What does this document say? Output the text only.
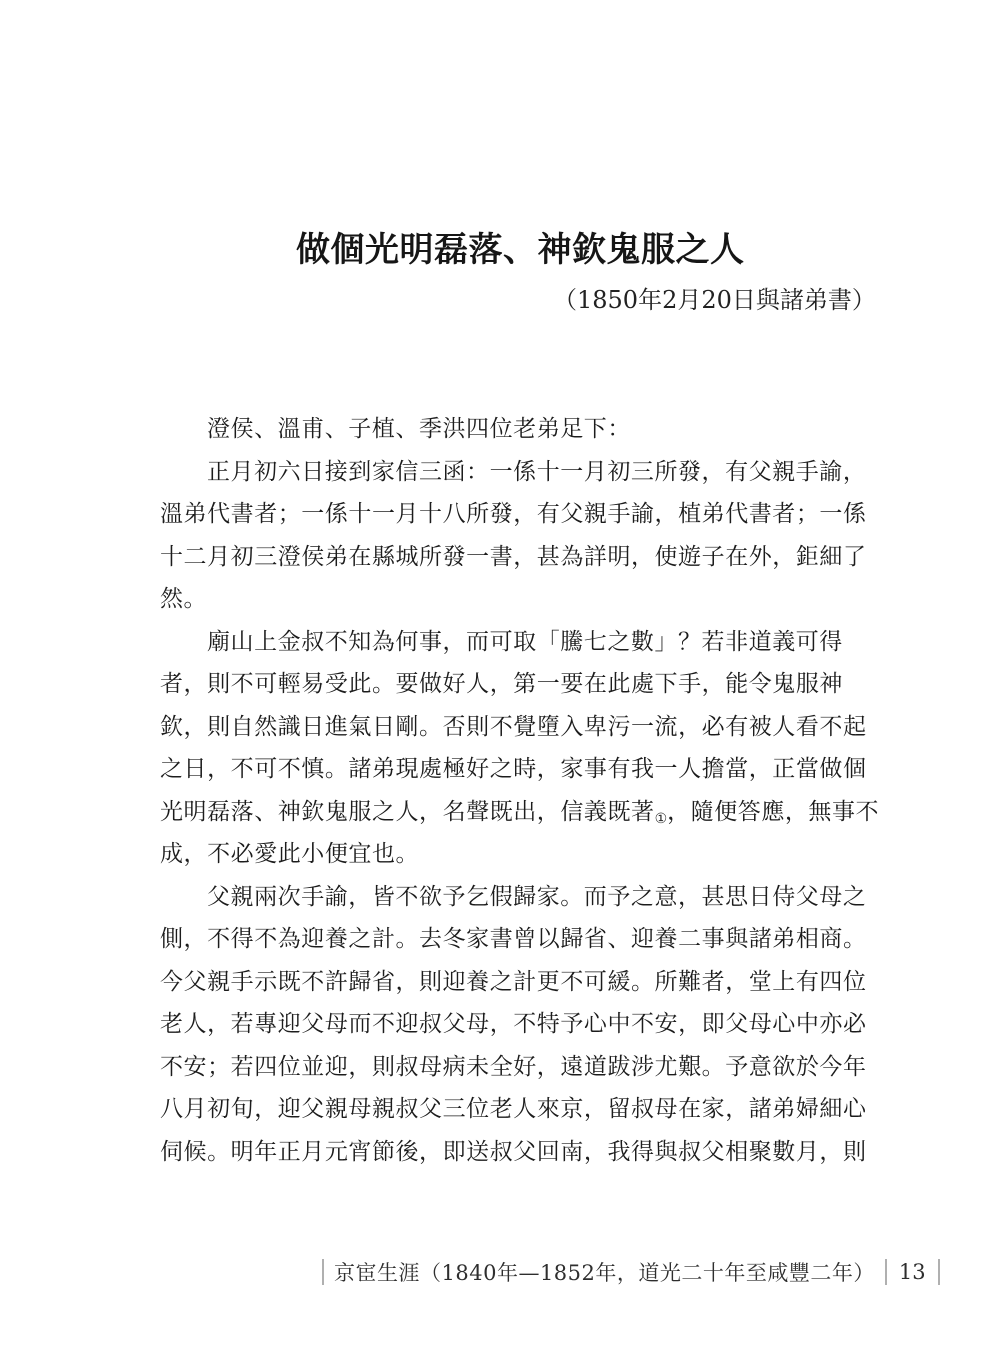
做個光明磊落、神欽鬼服之人
（1850年2月20日與諸弟書）
澄侯、溫甫、子植、季洪四位老弟足下：
正月初六日接到家信三函：一係十一月初三所發，有父親手諭，
溫弟代書者；一係十一月十八所發，有父親手諭，植弟代書者；一係
十二月初三澄侯弟在縣城所發一書，甚為詳明，使遊子在外，鉅細了
然。
廟山上金叔不知為何事，而可取「騰七之數」？若非道義可得
者，則不可輕易受此。要做好人，第一要在此處下手，能令鬼服神
欽，則自然識日進氣日剛。否則不覺墮入卑污一流，必有被人看不起
之日，不可不慎。諸弟現處極好之時，家事有我一人擔當，正當做個
光明磊落、神欽鬼服之人，名聲既出，信義既著①，隨便答應，無事不
成，不必愛此小便宜也。
父親兩次手諭，皆不欲予乞假歸家。而予之意，甚思日侍父母之
側，不得不為迎養之計。去冬家書曾以歸省、迎養二事與諸弟相商。
今父親手示既不許歸省，則迎養之計更不可緩。所難者，堂上有四位
老人，若專迎父母而不迎叔父母，不特予心中不安，即父母心中亦必
不安；若四位並迎，則叔母病未全好，遠道跋涉尤艱。予意欲於今年
八月初旬，迎父親母親叔父三位老人來京，留叔母在家，諸弟婦細心
伺候。明年正月元宵節後，即送叔父回南，我得與叔父相聚數月，則
京宦生涯（1840年—1852年，道光二十年至咸豐二年） 13
